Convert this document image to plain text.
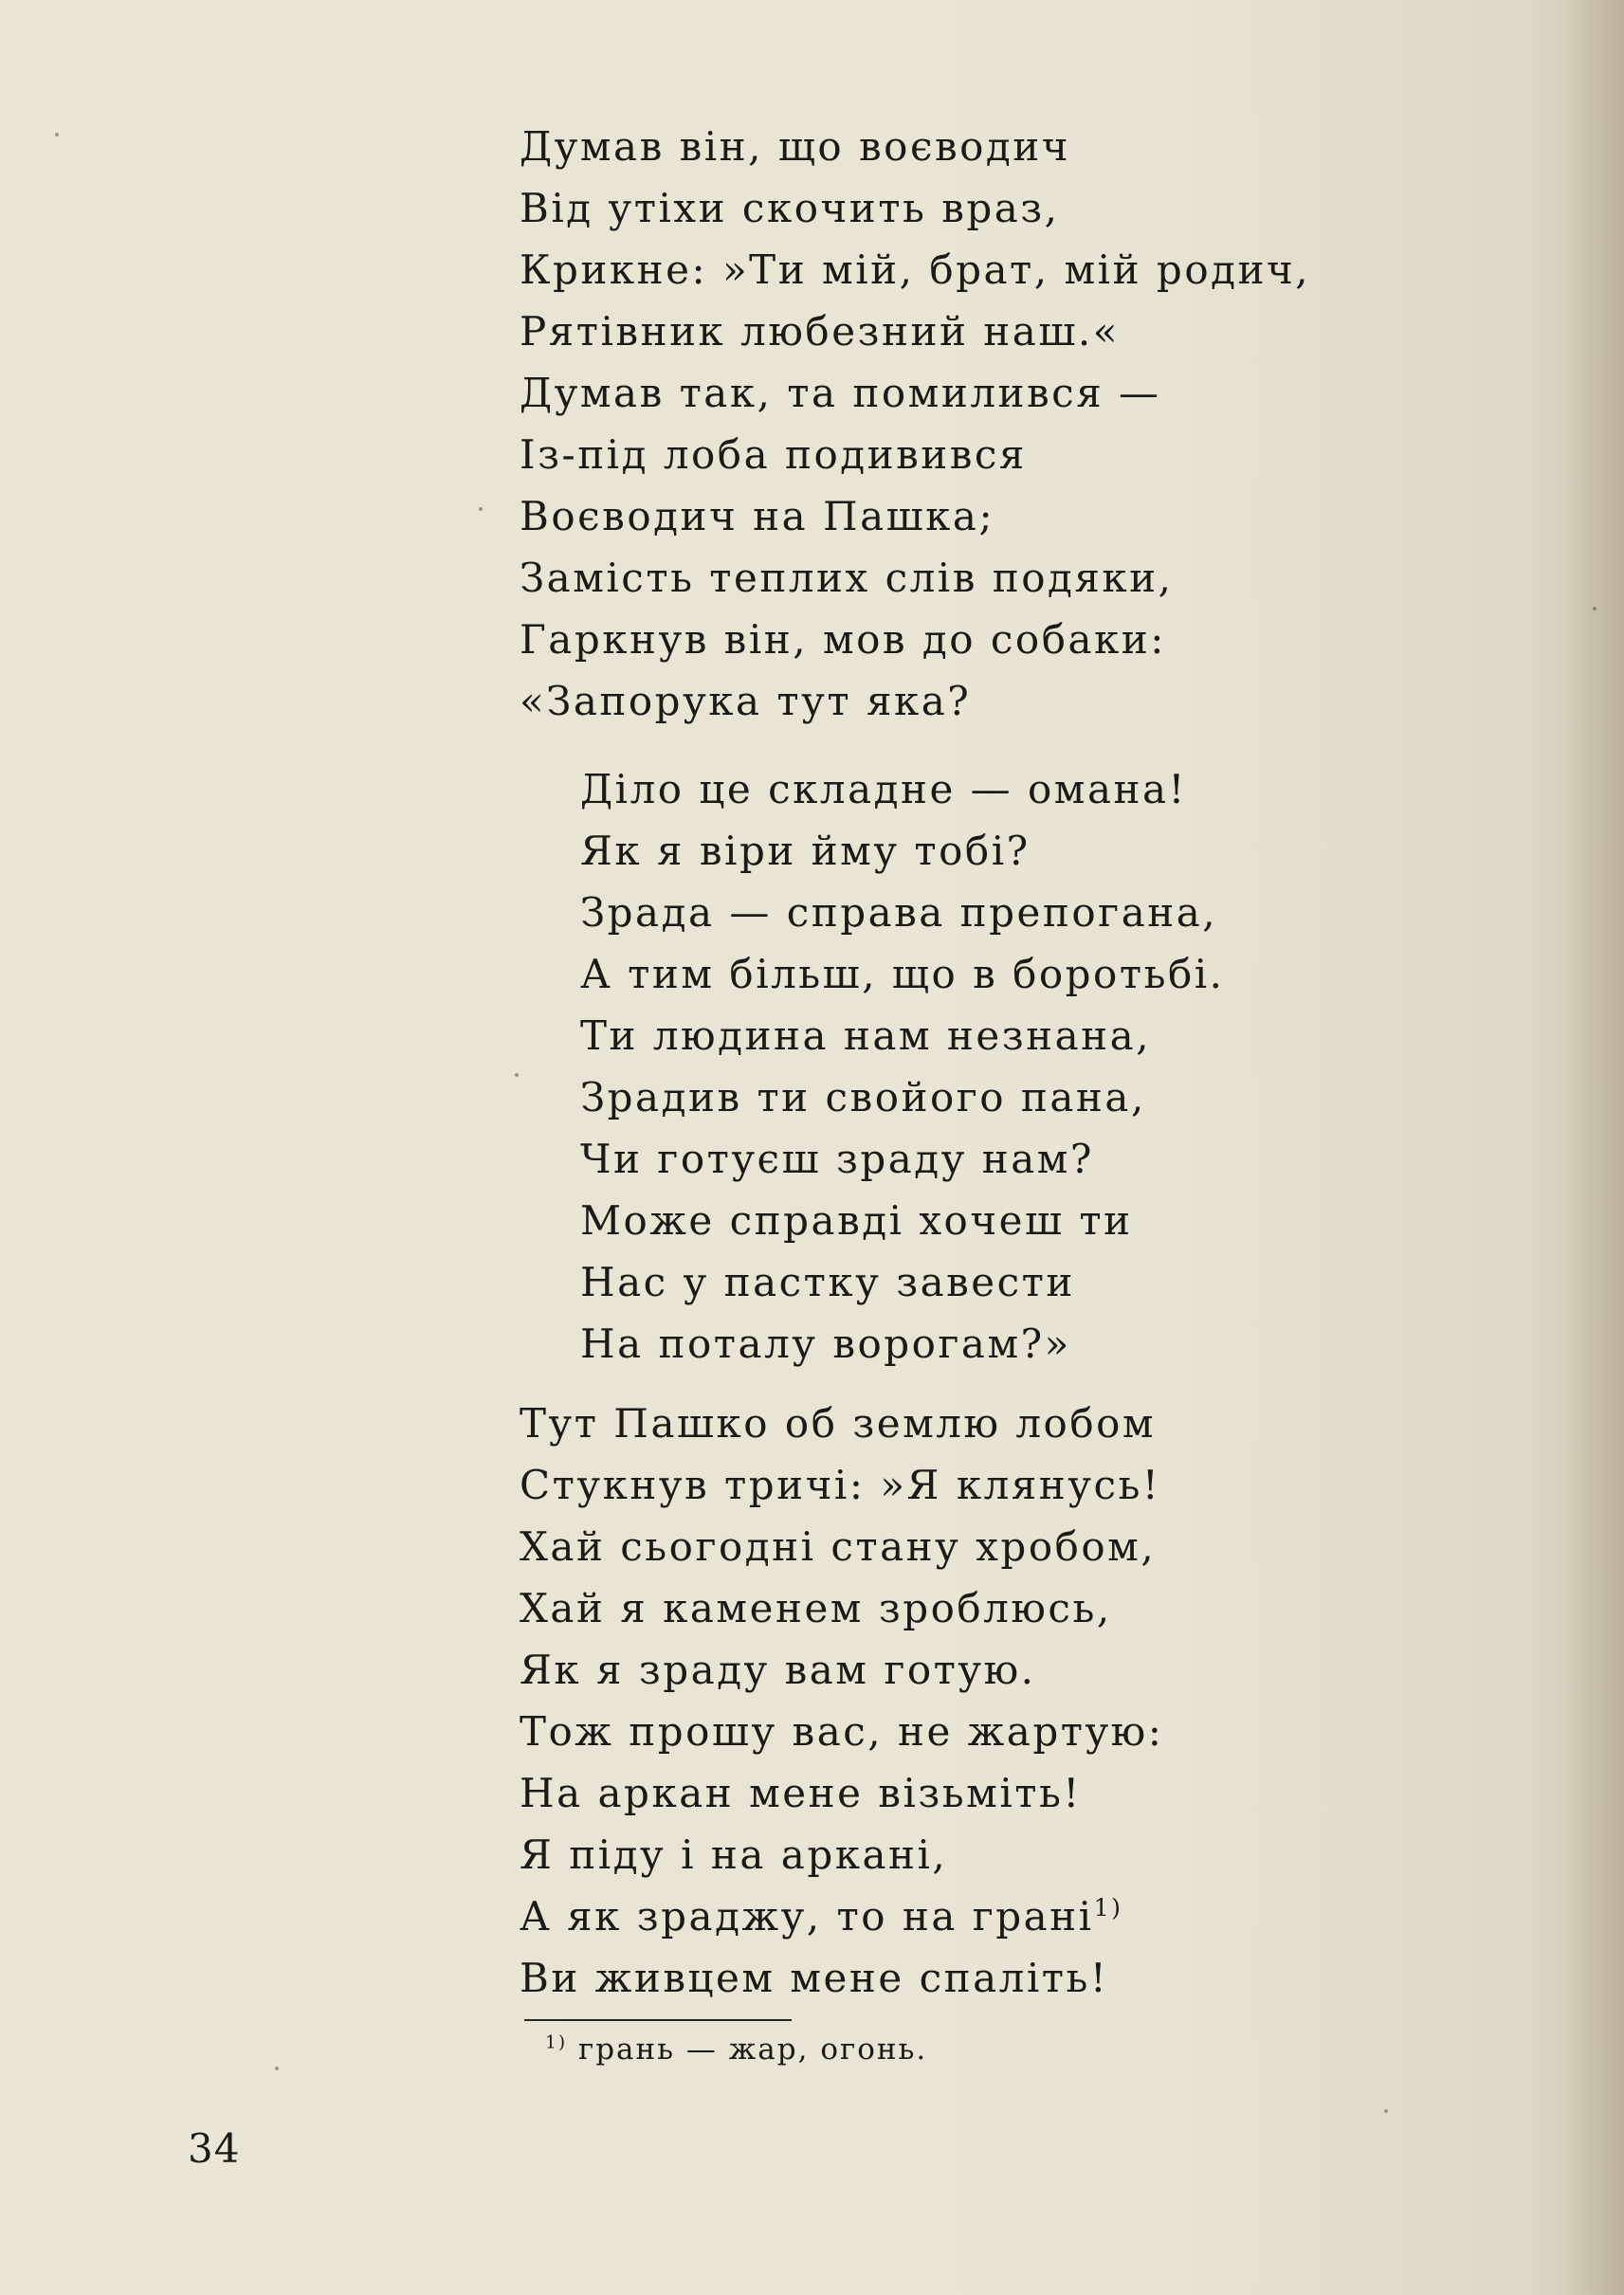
Думав він, що воєводич
Від утіхи скочить враз,
Крикне: »Ти мій, брат, мій родич,
Рятівник любезний наш.«
Думав так, та помилився —
Із-під лоба подивився
Воєводич на Пашка;
Замість теплих слів подяки,
Гаркнув він, мов до собаки:
«Запорука тут яка?
Діло це складне — омана!
Як я віри йму тобі?
Зрада — справа препогана,
А тим більш, що в боротьбі.
Ти людина нам незнана,
Зрадив ти свойого пана,
Чи готуєш зраду нам?
Може справді хочеш ти
Нас у пастку завести
На поталу ворогам?»
Тут Пашко об землю лобом
Стукнув тричі: »Я клянусь!
Хай сьогодні стану хробом,
Хай я каменем зроблюсь,
Як я зраду вам готую.
Тож прошу вас, не жартую:
На аркан мене візьміть!
Я піду і на аркані,
А як зраджу, то на грані$^{1)}$
Ви живцем мене спаліть!
$^{1)}$ грань — жар, огонь.
34
